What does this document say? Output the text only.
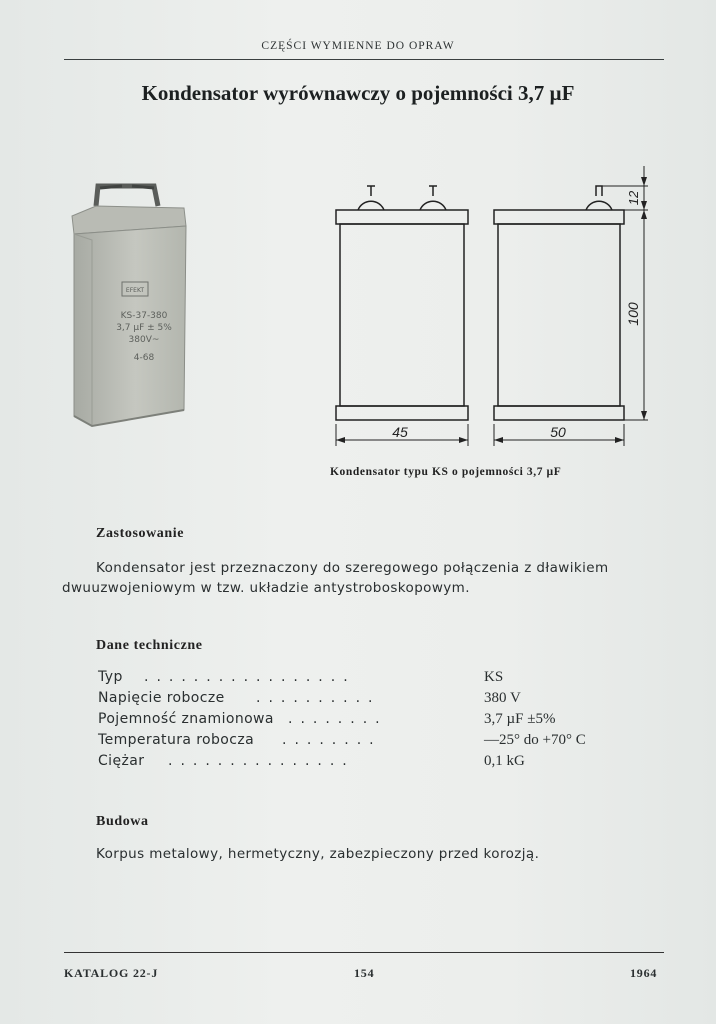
CZĘŚCI WYMIENNE DO OPRAW
Kondensator wyrównawczy o pojemności 3,7 µF
EFEKT
KS-37-380
3,7 µF ± 5%
380V~
4-68
12
100
45	50
Kondensator typu KS o pojemności 3,7 µF
Zastosowanie
Kondensator jest przeznaczony do szeregowego połączenia z dławikiem
dwuuzwojeniowym w tzw. układzie antystroboskopowym.
Dane techniczne
Typ .................	KS
Napięcie robocze ..........	380 V
Pojemność znamionowa ........	3,7 µF ±5%
Temperatura robocza ........	—25° do +70° C
Ciężar ...............	0,1 kG
Budowa
Korpus metalowy, hermetyczny, zabezpieczony przed korozją.
KATALOG 22-J	154	1964
